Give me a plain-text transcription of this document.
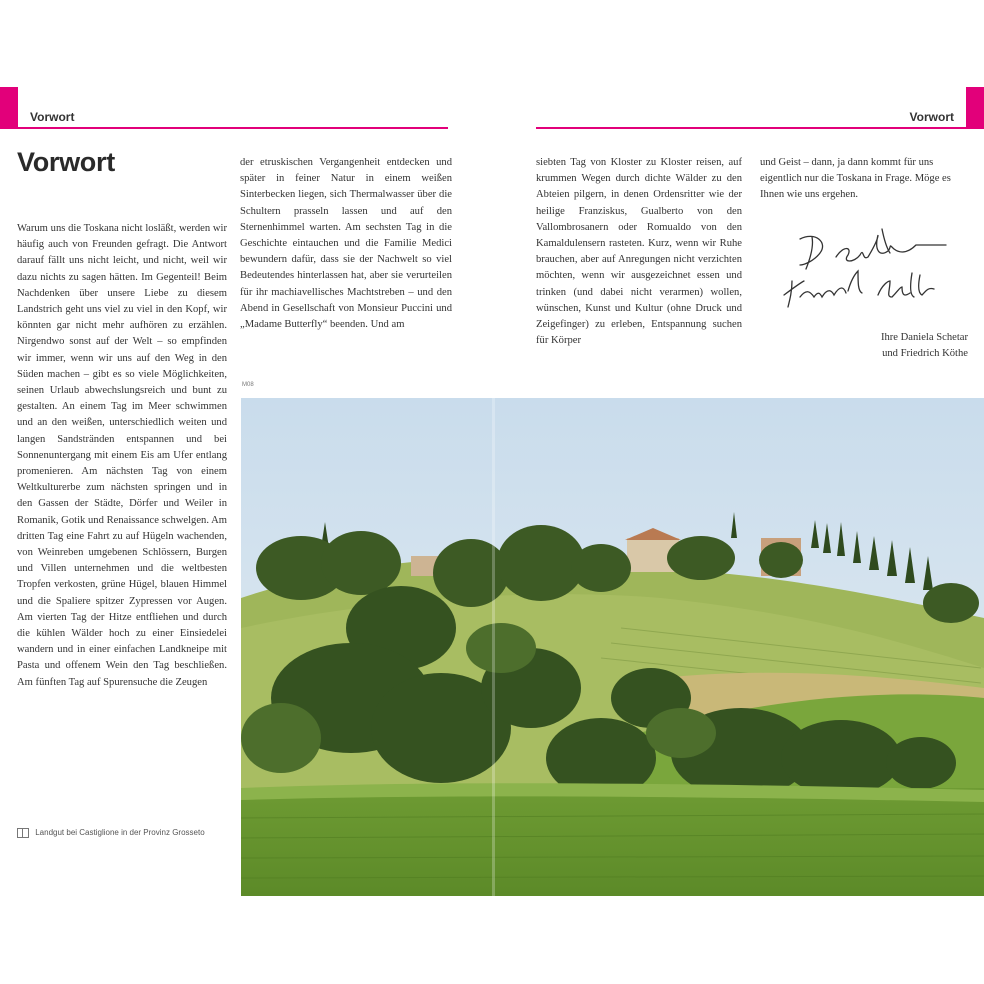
Vorwort	Vorwort
Vorwort

Warum uns die Toskana nicht losläßt, werden wir häufig auch von Freunden gefragt. Die Antwort darauf fällt uns nicht leicht, und nicht, weil wir dazu nichts zu sagen hätten. Im Gegenteil! Beim Nachdenken über unsere Liebe zu diesem Landstrich geht uns viel zu viel in den Kopf, wir könnten gar nicht mehr aufhören zu erzählen. Nirgendwo sonst auf der Welt – so empfinden wir immer, wenn wir uns auf den Weg in den Süden machen – gibt es so viele Möglichkeiten, seinen Urlaub abwechslungsreich und bunt zu gestalten. An einem Tag im Meer schwimmen und an den weißen, unterschiedlich weiten und langen Sandstränden entspannen und bei Sonnenuntergang mit einem Eis am Ufer entlang promenieren. Am nächsten Tag von einem Weltkulturerbe zum nächsten springen und in den Gassen der Städte, Dörfer und Weiler in Romanik, Gotik und Renaissance schwelgen. Am dritten Tag eine Fahrt zu auf Hügeln wachenden, von Weinreben umgebenen Schlössern, Burgen und Villen unternehmen und die weltbesten Tropfen verkosten, grüne Hügel, blauen Himmel und die Spaliere spitzer Zypressen vor Augen. Am vierten Tag der Hitze entfliehen und durch die kühlen Wälder hoch zu einer Einsiedelei wandern und in einer einfachen Landkneipe mit Pasta und offenem Wein den Tag beschließen. Am fünften Tag auf Spurensuche die Zeugen

der etruskischen Vergangenheit entdecken und später in feiner Natur in einem weißen Sinterbecken liegen, sich Thermalwasser über die Schultern prasseln lassen und auf den Sternenhimmel warten. Am sechsten Tag in die Geschichte eintauchen und die Familie Medici bewundern dafür, dass sie der Nachwelt so viel Bedeutendes hinterlassen hat, aber sie verurteilen für ihr machiavellisches Machtstreben – und den Abend in Gesellschaft von Monsieur Puccini und „Madame Butterfly“ beenden. Und am

siebten Tag von Kloster zu Kloster reisen, auf krummen Wegen durch dichte Wälder zu den Abteien pilgern, in denen Ordensritter wie der heilige Franziskus, Gualberto von den Vallombrosanern oder Romualdo von den Kamaldulensern rasteten. Kurz, wenn wir Ruhe brauchen, aber auf Anregungen nicht verzichten möchten, wenn wir ausgezeichnet essen und trinken (und dabei nicht verarmen) wollen, wünschen, Kunst und Kultur (ohne Druck und Zeigefinger) zu erleben, Entspannung suchen für Körper

und Geist – dann, ja dann kommt für uns eigentlich nur die Toskana in Frage. Möge es Ihnen wie uns ergehen.

Ihre Daniela Schetar
und Friedrich Köthe
M08
Landgut bei Castiglione in der Provinz Grosseto
